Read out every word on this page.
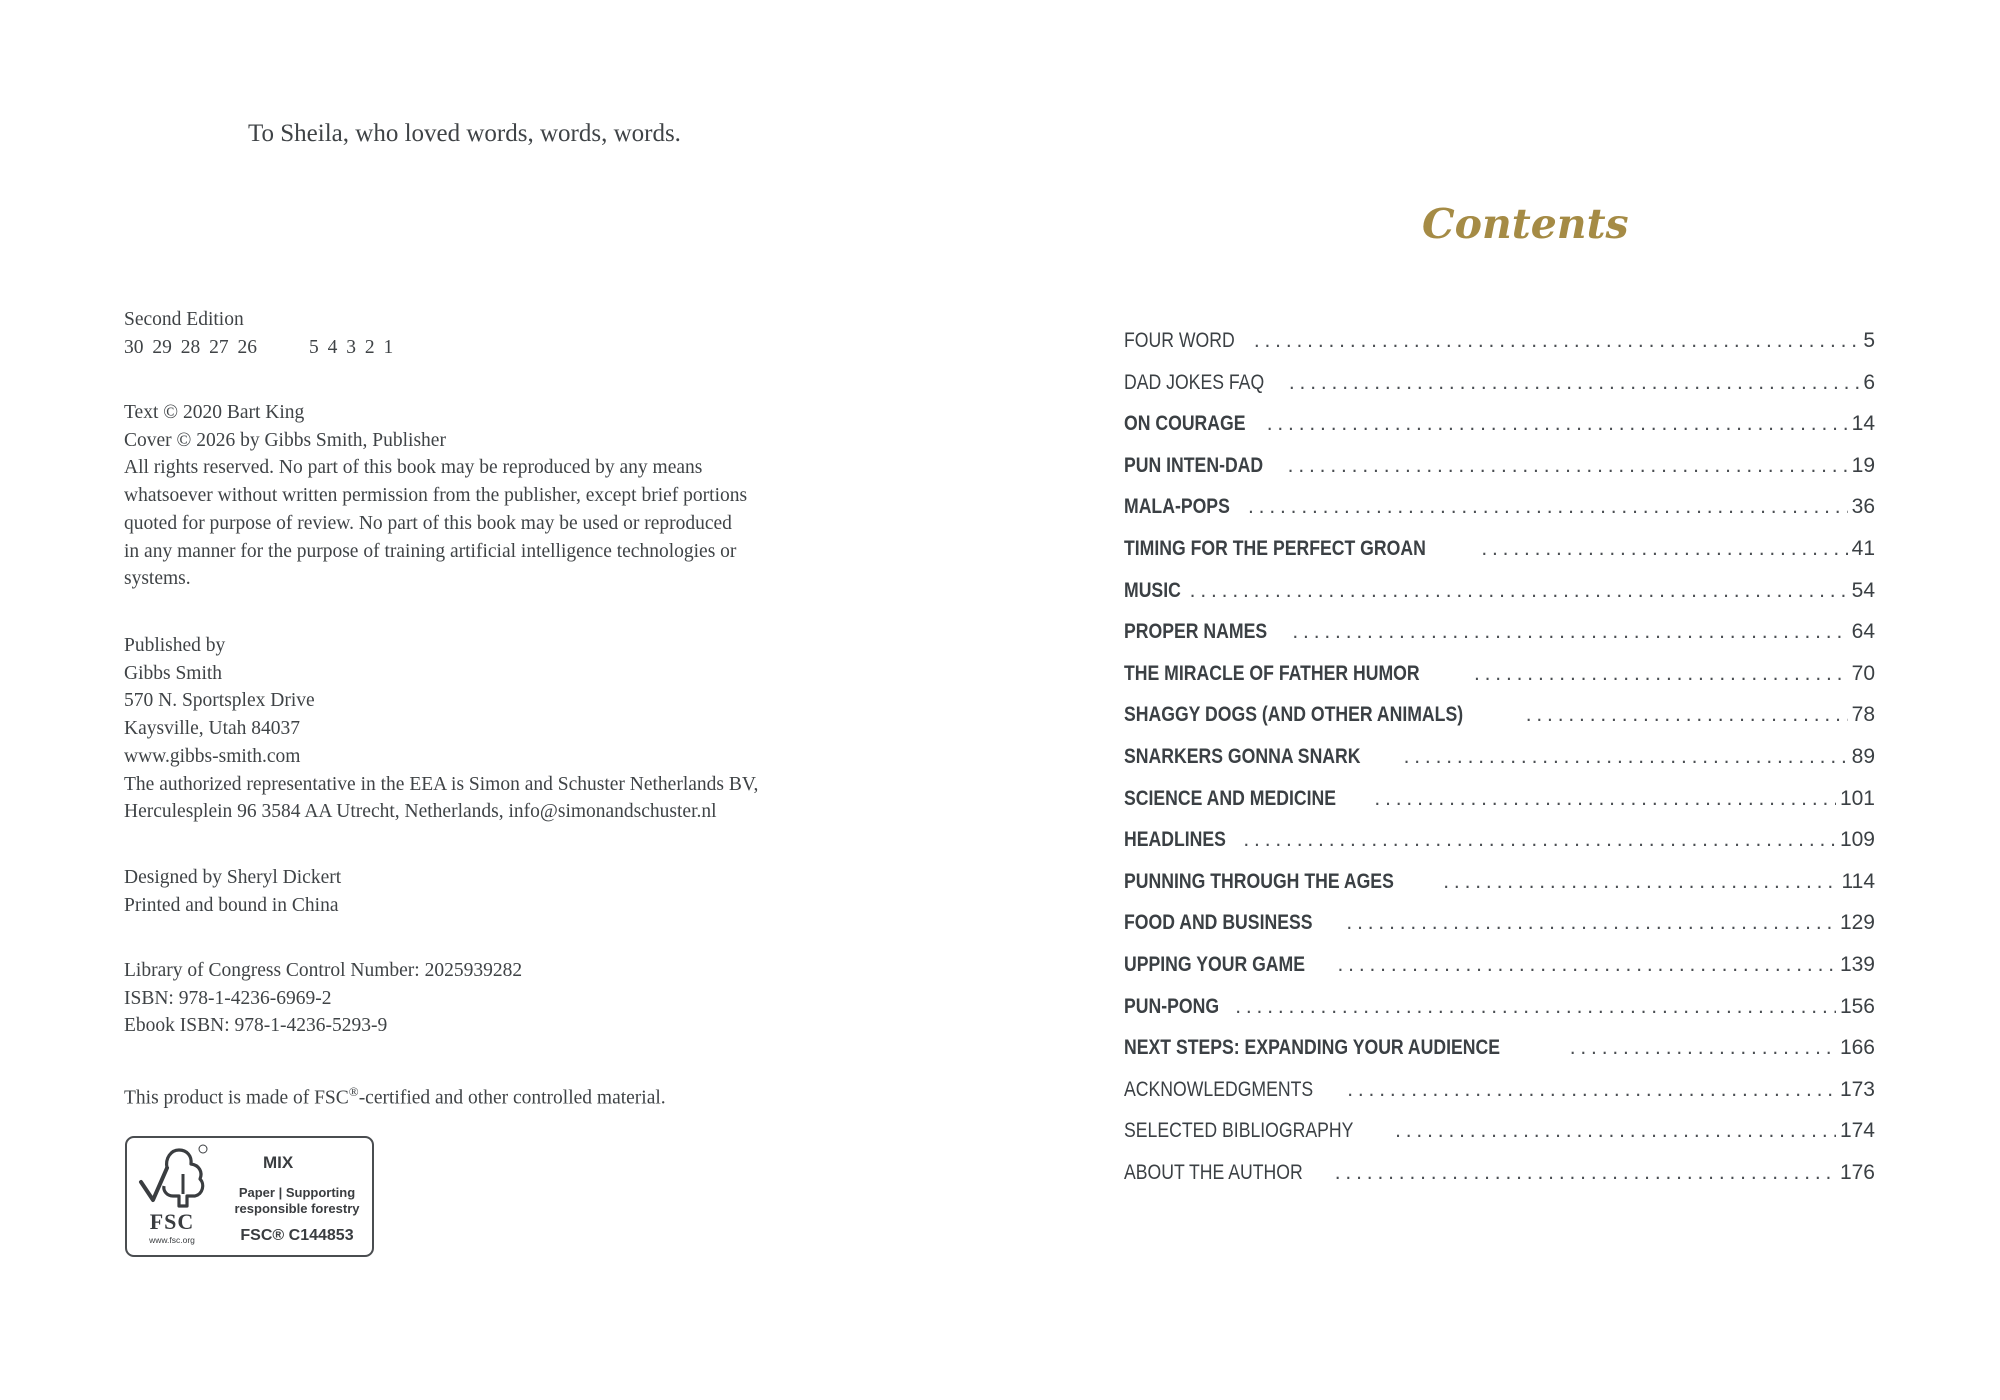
To Sheila, who loved words, words, words.

Second Edition

30 29 28 27 26	5 4 3 2 1

Text © 2020 Bart King

Cover © 2026 by Gibbs Smith, Publisher

All rights reserved. No part of this book may be reproduced by any means

whatsoever without written permission from the publisher, except brief portions

quoted for purpose of review. No part of this book may be used or reproduced

in any manner for the purpose of training artificial intelligence technologies or

systems.

Published by

Gibbs Smith

570 N. Sportsplex Drive

Kaysville, Utah 84037

www.gibbs-smith.com

The authorized representative in the EEA is Simon and Schuster Netherlands BV,

Herculesplein 96 3584 AA Utrecht, Netherlands, info@simonandschuster.nl

Designed by Sheryl Dickert

Printed and bound in China

Library of Congress Control Number: 2025939282

ISBN: 978-1-4236-6969-2

Ebook ISBN: 978-1-4236-5293-9

This product is made of FSC®-certified and other controlled material.

FSC
www.fsc.org
MIX
Paper | Supporting
responsible forestry
FSC® C144853
Contents
FOUR WORD . . .	5
DAD JOKES FAQ . . .	6
ON COURAGE . . .	14
PUN INTEN-DAD . . .	19
MALA-POPS . . .	36
TIMING FOR THE PERFECT GROAN . . .	41
MUSIC . . .	54
PROPER NAMES . . .	64
THE MIRACLE OF FATHER HUMOR . . .	70
SHAGGY DOGS (AND OTHER ANIMALS) . . .	78
SNARKERS GONNA SNARK . . .	89
SCIENCE AND MEDICINE . . .	101
HEADLINES . . .	109
PUNNING THROUGH THE AGES . . .	114
FOOD AND BUSINESS . . .	129
UPPING YOUR GAME . . .	139
PUN-PONG . . .	156
NEXT STEPS: EXPANDING YOUR AUDIENCE . . .	166
ACKNOWLEDGMENTS . . .	173
SELECTED BIBLIOGRAPHY . . .	174
ABOUT THE AUTHOR . . .	176
